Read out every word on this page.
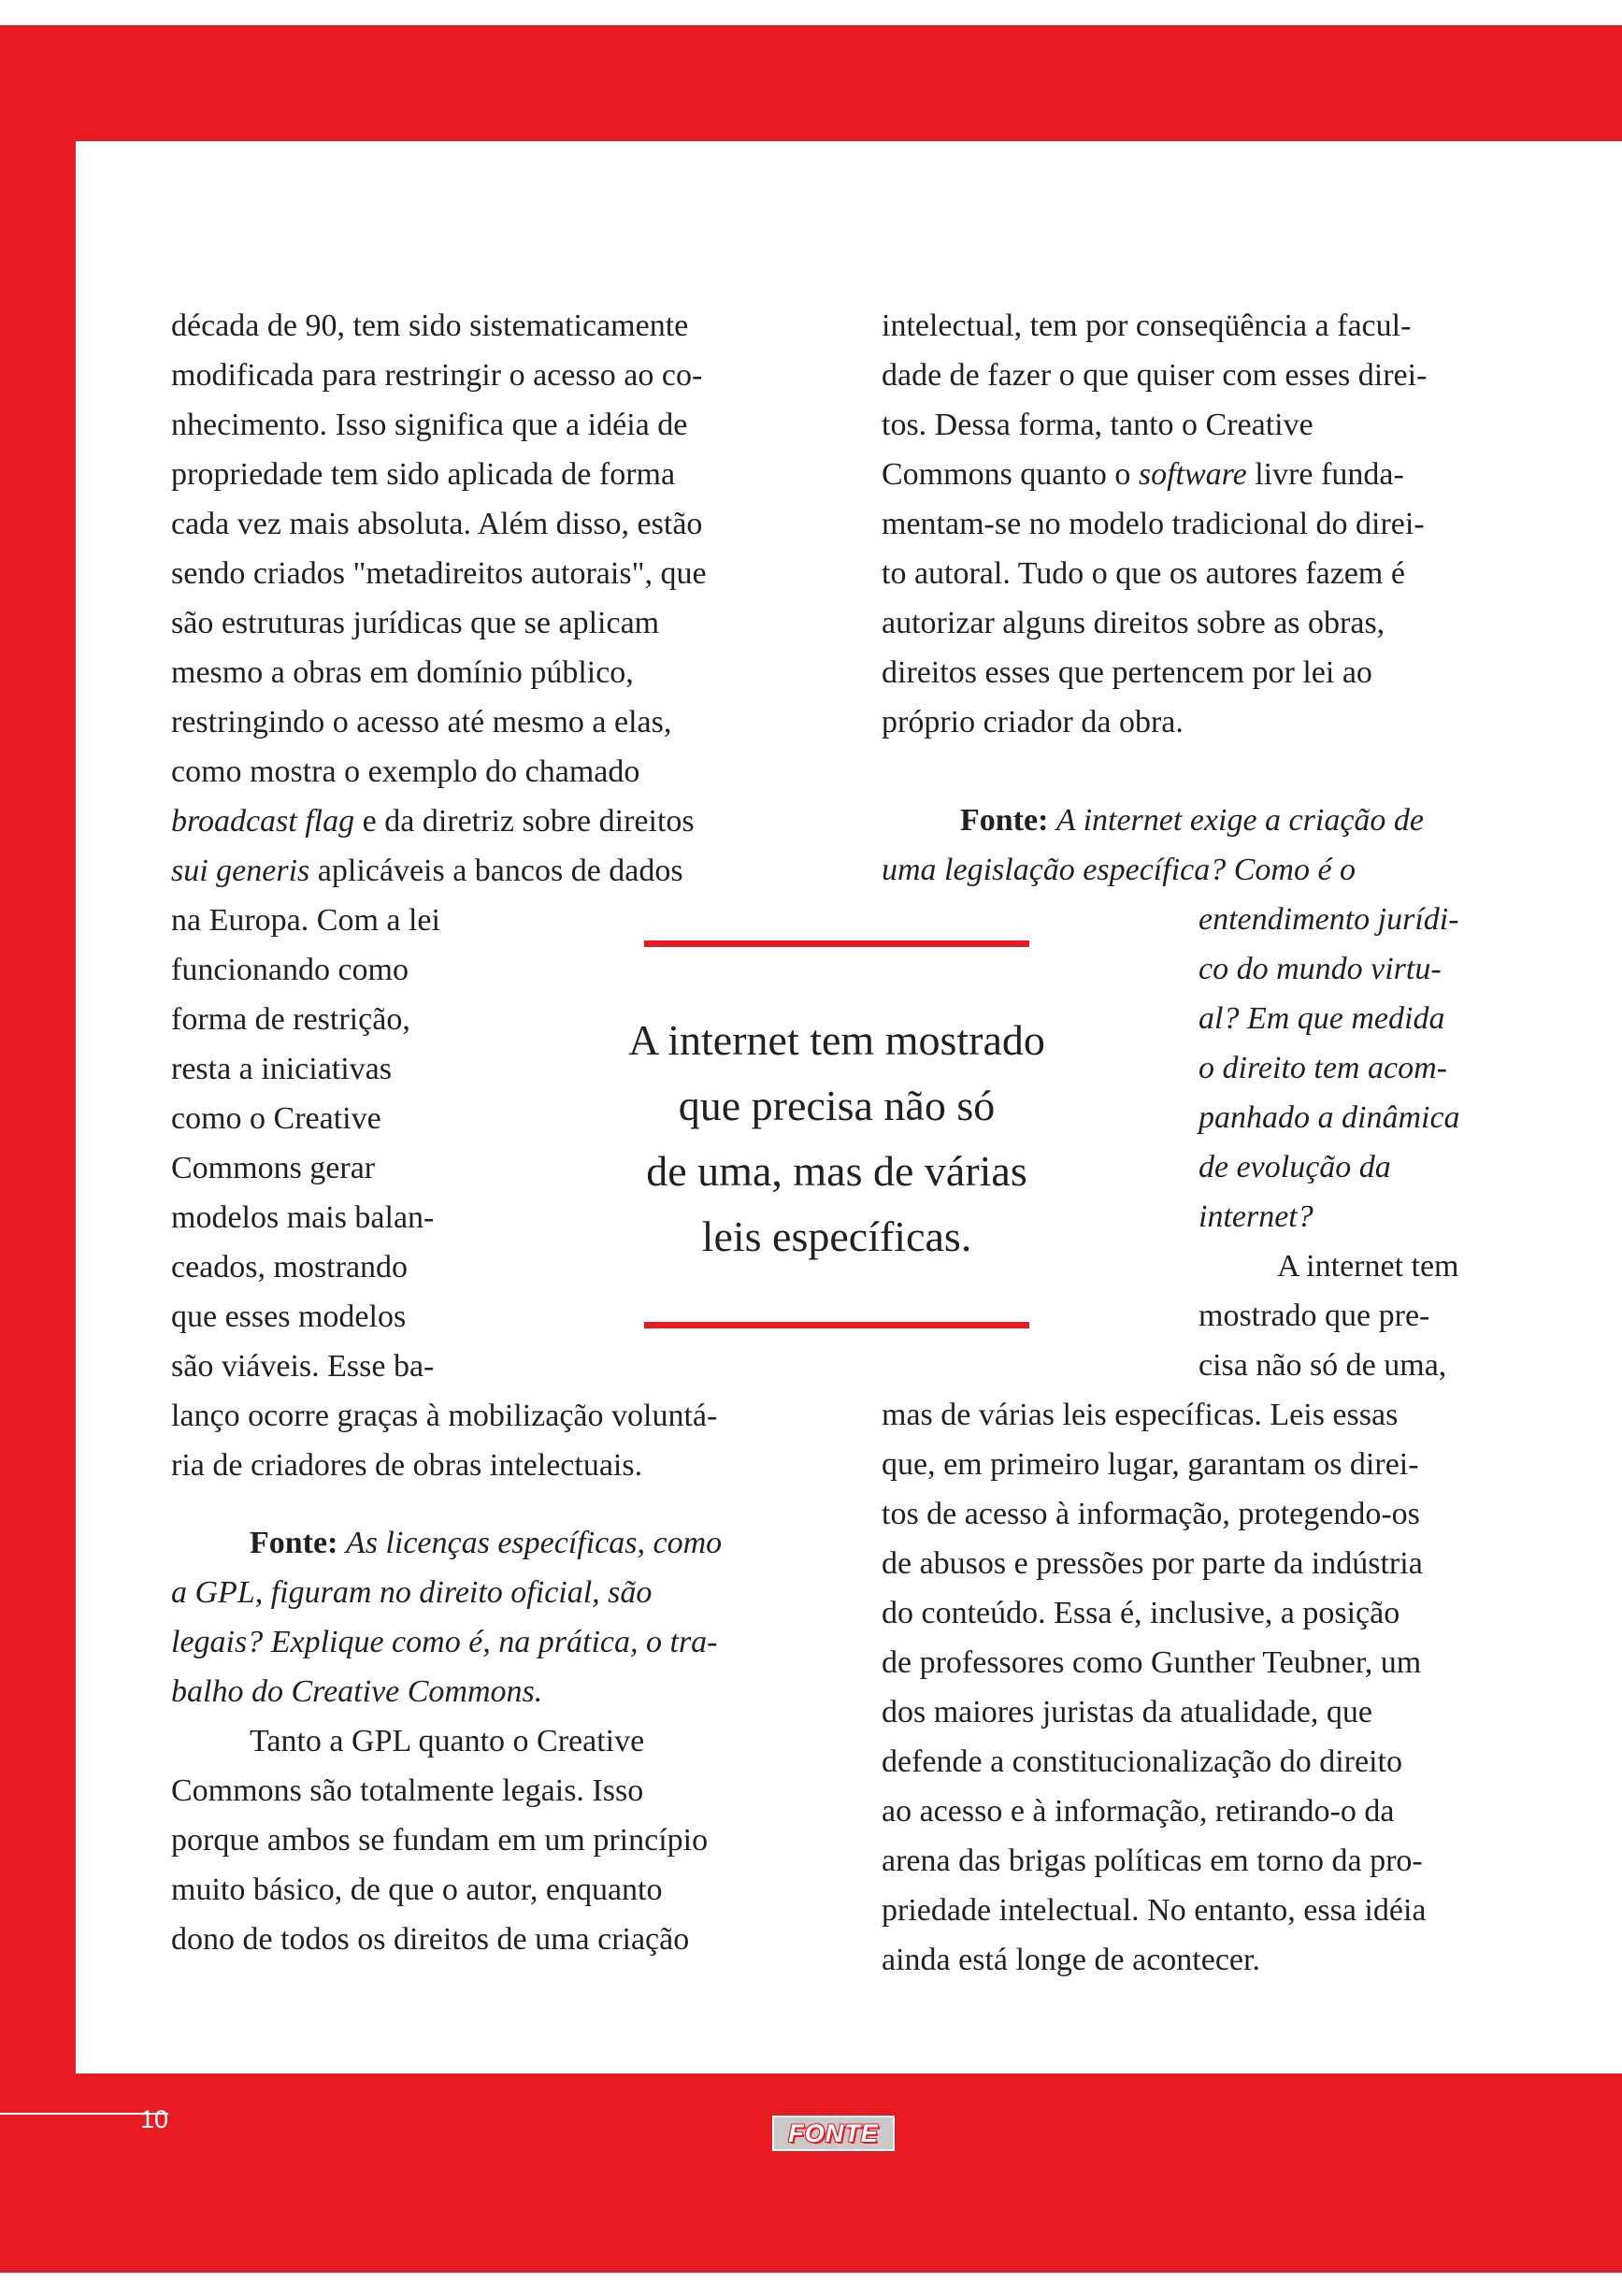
década de 90, tem sido sistematicamente
modificada para restringir o acesso ao co-
nhecimento. Isso significa que a idéia de
propriedade tem sido aplicada de forma
cada vez mais absoluta. Além disso, estão
sendo criados "metadireitos autorais", que
são estruturas jurídicas que se aplicam
mesmo a obras em domínio público,
restringindo o acesso até mesmo a elas,
como mostra o exemplo do chamado
broadcast flag e da diretriz sobre direitos
sui generis aplicáveis a bancos de dados
na Europa. Com a lei
funcionando como
forma de restrição,
resta a iniciativas
como o Creative
Commons gerar
modelos mais balan-
ceados, mostrando
que esses modelos
são viáveis. Esse ba-
lanço ocorre graças à mobilização voluntá-
ria de criadores de obras intelectuais.
Fonte: As licenças específicas, como
a GPL, figuram no direito oficial, são
legais? Explique como é, na prática, o tra-
balho do Creative Commons.
Tanto a GPL quanto o Creative
Commons são totalmente legais. Isso
porque ambos se fundam em um princípio
muito básico, de que o autor, enquanto
dono de todos os direitos de uma criação
intelectual, tem por conseqüência a facul-
dade de fazer o que quiser com esses direi-
tos. Dessa forma, tanto o Creative
Commons quanto o software livre funda-
mentam-se no modelo tradicional do direi-
to autoral. Tudo o que os autores fazem é
autorizar alguns direitos sobre as obras,
direitos esses que pertencem por lei ao
próprio criador da obra.
Fonte: A internet exige a criação de
uma legislação específica? Como é o
entendimento jurídi-
co do mundo virtu-
al? Em que medida
o direito tem acom-
panhado a dinâmica
de evolução da
internet?
A internet tem
mostrado que pre-
cisa não só de uma,
mas de várias leis específicas. Leis essas
que, em primeiro lugar, garantam os direi-
tos de acesso à informação, protegendo-os
de abusos e pressões por parte da indústria
do conteúdo. Essa é, inclusive, a posição
de professores como Gunther Teubner, um
dos maiores juristas da atualidade, que
defende a constitucionalização do direito
ao acesso e à informação, retirando-o da
arena das brigas políticas em torno da pro-
priedade intelectual. No entanto, essa idéia
ainda está longe de acontecer.
A internet tem mostrado
que precisa não só
de uma, mas de várias
leis específicas.
10	FONTE
